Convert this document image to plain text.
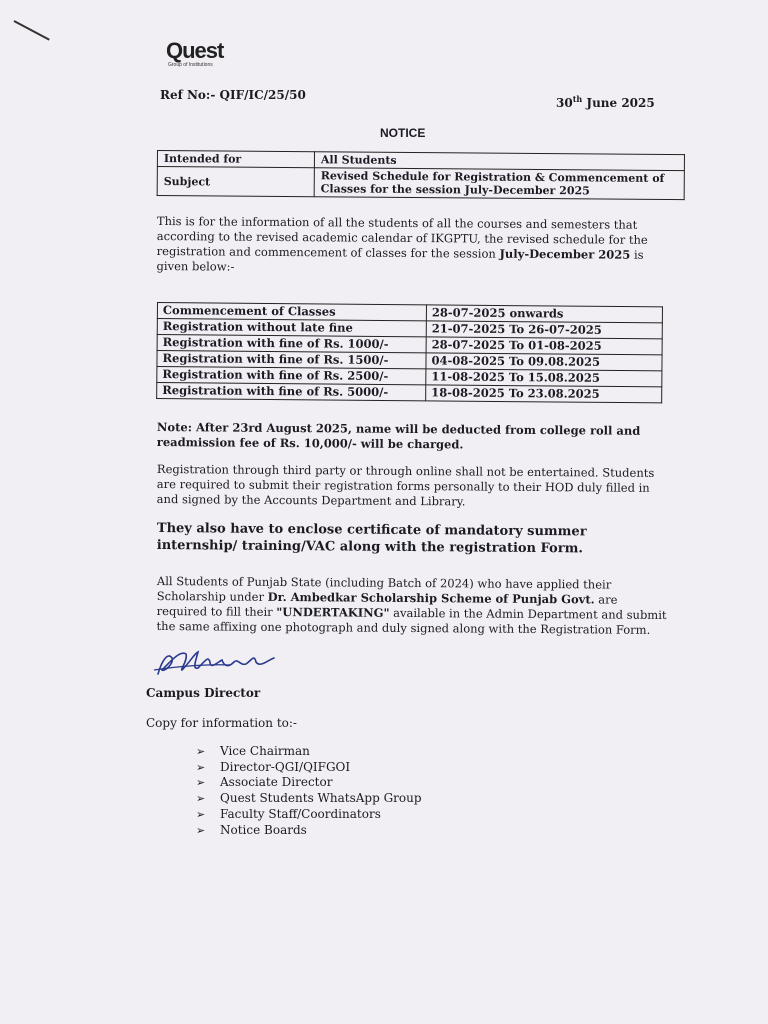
Quest
Group of Institutions
Ref No:- QIF/IC/25/50
30th June 2025
NOTICE
Intended for	All Students
Subject	Revised Schedule for Registration & Commencement of Classes for the session July-December 2025
This is for the information of all the students of all the courses and semesters that according to the revised academic calendar of IKGPTU, the revised schedule for the registration and commencement of classes for the session July-December 2025 is given below:-
Commencement of Classes	28-07-2025 onwards
Registration without late fine	21-07-2025 To 26-07-2025
Registration with fine of Rs. 1000/-	28-07-2025 To 01-08-2025
Registration with fine of Rs. 1500/-	04-08-2025 To 09.08.2025
Registration with fine of Rs. 2500/-	11-08-2025 To 15.08.2025
Registration with fine of Rs. 5000/-	18-08-2025 To 23.08.2025
Note: After 23rd August 2025, name will be deducted from college roll and readmission fee of Rs. 10,000/- will be charged.
Registration through third party or through online shall not be entertained. Students are required to submit their registration forms personally to their HOD duly filled in and signed by the Accounts Department and Library.
They also have to enclose certificate of mandatory summer internship/ training/VAC along with the registration Form.
All Students of Punjab State (including Batch of 2024) who have applied their Scholarship under Dr. Ambedkar Scholarship Scheme of Punjab Govt. are required to fill their "UNDERTAKING" available in the Admin Department and submit the same affixing one photograph and duly signed along with the Registration Form.
Campus Director
Copy for information to:-
➢ Vice Chairman
➢ Director-QGI/QIFGOI
➢ Associate Director
➢ Quest Students WhatsApp Group
➢ Faculty Staff/Coordinators
➢ Notice Boards
